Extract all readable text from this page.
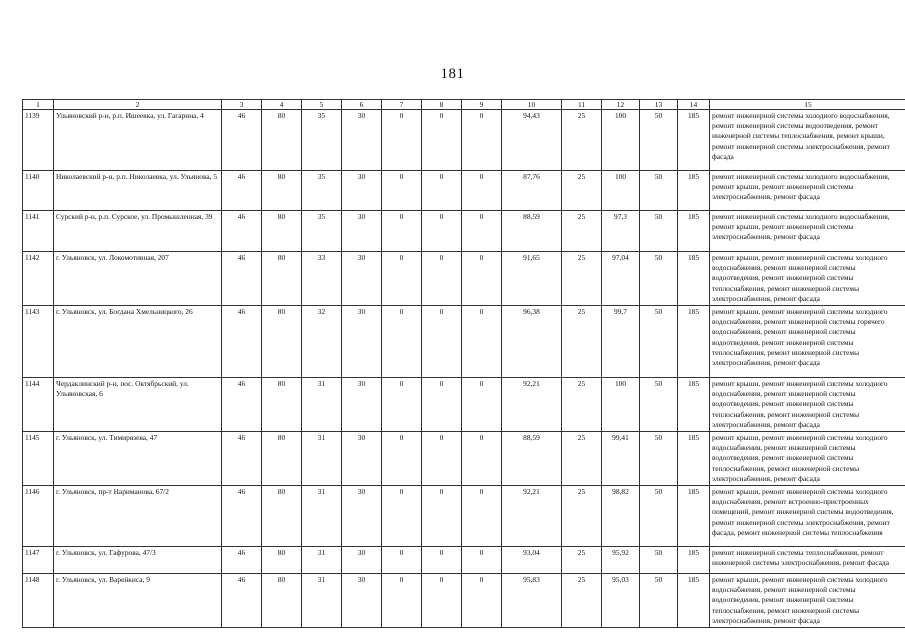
181
1	2	3	4	5	6	7	8	9	10	11	12	13	14	15
1139	Ульяновский р-н, р.п. Ишеевка, ул. Гагарина, 4	46	80	35	30	0	0	0	94,43	25	100	50	185	ремонт инженерной системы холодного водоснабжения, ремонт инженерной системы водоотведения, ремонт инженерной системы теплоснабжения, ремонт крыши, ремонт инженерной системы электроснабжения, ремонт фасада
1140	Николаевский р-н, р.п. Николаевка, ул. Ульянова, 5	46	80	35	30	0	0	0	87,76	25	100	50	185	ремонт инженерной системы холодного водоснабжения, ремонт крыши, ремонт инженерной системы электроснабжения, ремонт фасада
1141	Сурский р-н, р.п. Сурское, ул. Промышленная, 39	46	80	35	30	0	0	0	88,59	25	97,3	50	185	ремонт инженерной системы холодного водоснабжения, ремонт крыши, ремонт инженерной системы электроснабжения, ремонт фасада
1142	г. Ульяновск, ул. Локомотивная, 207	46	80	33	30	0	0	0	91,65	25	97,04	50	185	ремонт крыши, ремонт инженерной системы холодного водоснабжения, ремонт инженерной системы водоотведения, ремонт инженерной системы теплоснабжения, ремонт инженерной системы электроснабжения, ремонт фасада
1143	г. Ульяновск, ул. Богдана Хмельницкого, 26	46	80	32	30	0	0	0	96,38	25	99,7	50	185	ремонт крыши, ремонт инженерной системы холодного водоснабжения, ремонт инженерной системы горячего водоснабжения, ремонт инженерной системы водоотведения, ремонт инженерной системы теплоснабжения, ремонт инженерной системы электроснабжения, ремонт фасада
1144	Чердаклинский р-н, пос. Октябрьский, ул. Ульяновская, 6	46	80	31	30	0	0	0	92,21	25	100	50	185	ремонт крыши, ремонт инженерной системы холодного водоснабжения, ремонт инженерной системы водоотведения, ремонт инженерной системы теплоснабжения, ремонт инженерной системы электроснабжения, ремонт фасада
1145	г. Ульяновск, ул. Тимирязева, 47	46	80	31	30	0	0	0	88,59	25	99,41	50	185	ремонт крыши, ремонт инженерной системы холодного водоснабжения, ремонт инженерной системы водоотведения, ремонт инженерной системы теплоснабжения, ремонт инженерной системы электроснабжения, ремонт фасада
1146	г. Ульяновск, пр-т Нариманова, 67/2	46	80	31	30	0	0	0	92,21	25	98,82	50	185	ремонт крыши, ремонт инженерной системы холодного водоснабжения, ремонт встроенно-пристроенных помещений, ремонт инженерной системы водоотведения, ремонт инженерной системы электроснабжения, ремонт фасада, ремонт инженерной системы теплоснабжения
1147	г. Ульяновск, ул. Гафурова, 47/3	46	80	31	30	0	0	0	93,04	25	95,92	50	185	ремонт инженерной системы теплоснабжения, ремонт инженерной системы электроснабжения, ремонт фасада
1148	г. Ульяновск, ул. Варейкиса, 9	46	80	31	30	0	0	0	95,83	25	95,03	50	185	ремонт крыши, ремонт инженерной системы холодного водоснабжения, ремонт инженерной системы водоотведения, ремонт инженерной системы теплоснабжения, ремонт инженерной системы электроснабжения, ремонт фасада
